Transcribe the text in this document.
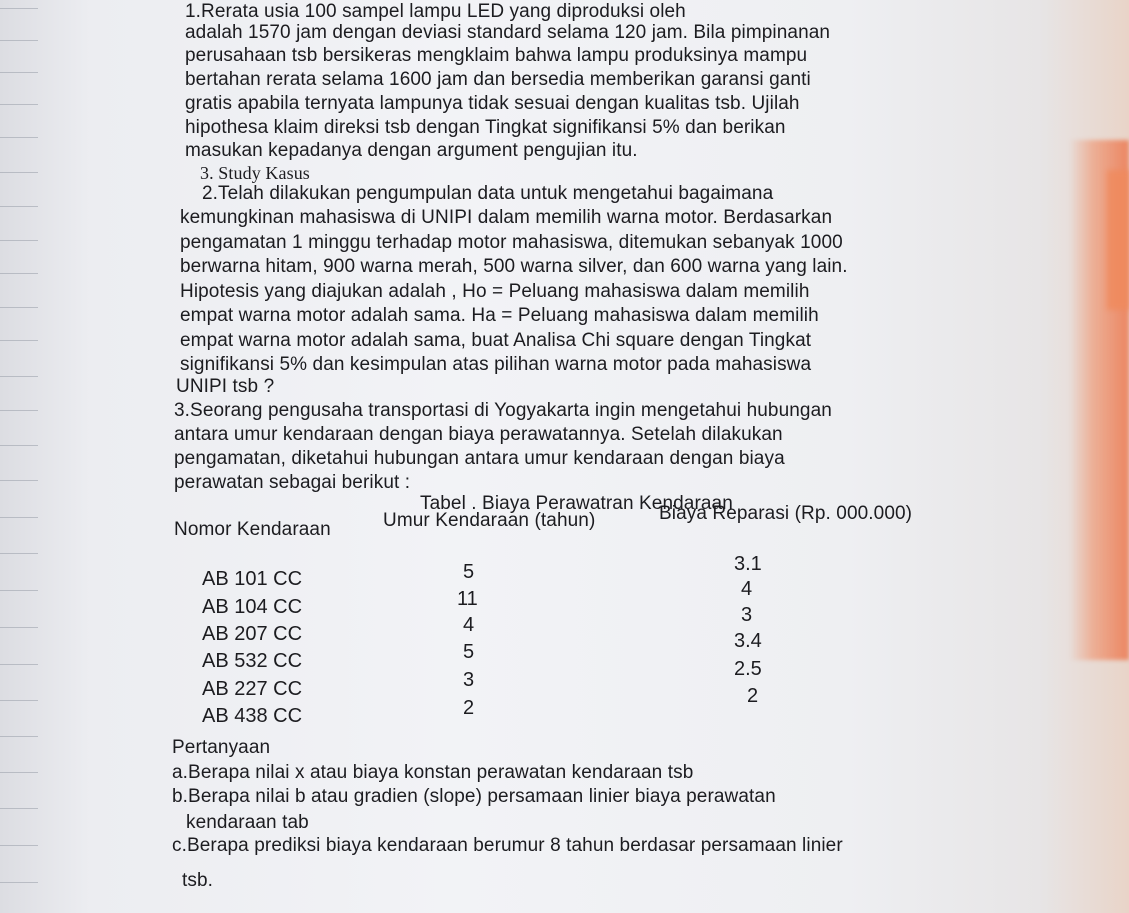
1.Rerata usia 100 sampel lampu LED yang diproduksi oleh
adalah 1570 jam dengan deviasi standard selama 120 jam. Bila pimpinanan
perusahaan tsb bersikeras mengklaim bahwa lampu produksinya mampu
bertahan rerata selama 1600 jam dan bersedia memberikan garansi ganti
gratis apabila ternyata lampunya tidak sesuai dengan kualitas tsb. Ujilah
hipothesa klaim direksi tsb dengan Tingkat signifikansi 5% dan berikan
masukan kepadanya dengan argument pengujian itu.
3. Study Kasus
2.Telah dilakukan pengumpulan data untuk mengetahui bagaimana
kemungkinan mahasiswa di UNIPI dalam memilih warna motor. Berdasarkan
pengamatan 1 minggu terhadap motor mahasiswa, ditemukan sebanyak 1000
berwarna hitam, 900 warna merah, 500 warna silver, dan 600 warna yang lain.
Hipotesis yang diajukan adalah , Ho = Peluang mahasiswa dalam memilih
empat warna motor adalah sama. Ha = Peluang mahasiswa dalam memilih
empat warna motor adalah sama, buat Analisa Chi square dengan Tingkat
signifikansi 5% dan kesimpulan atas pilihan warna motor pada mahasiswa
UNIPI tsb ?
3.Seorang pengusaha transportasi di Yogyakarta ingin mengetahui hubungan
antara umur kendaraan dengan biaya perawatannya. Setelah dilakukan
pengamatan, diketahui hubungan antara umur kendaraan dengan biaya
perawatan sebagai berikut :
Tabel . Biaya Perawatran Kendaraan
Nomor Kendaraan	Umur Kendaraan (tahun)	Biaya Reparasi (Rp. 000.000)
AB 101 CC
AB 104 CC
AB 207 CC
AB 532 CC
AB 227 CC
AB 438 CC
5
11
4
5
3
2
3.1
4
3
3.4
2.5
2
Pertanyaan
a.Berapa nilai x atau biaya konstan perawatan kendaraan tsb
b.Berapa nilai b atau gradien (slope) persamaan linier biaya perawatan
kendaraan tab
c.Berapa prediksi biaya kendaraan berumur 8 tahun berdasar persamaan linier
tsb.
